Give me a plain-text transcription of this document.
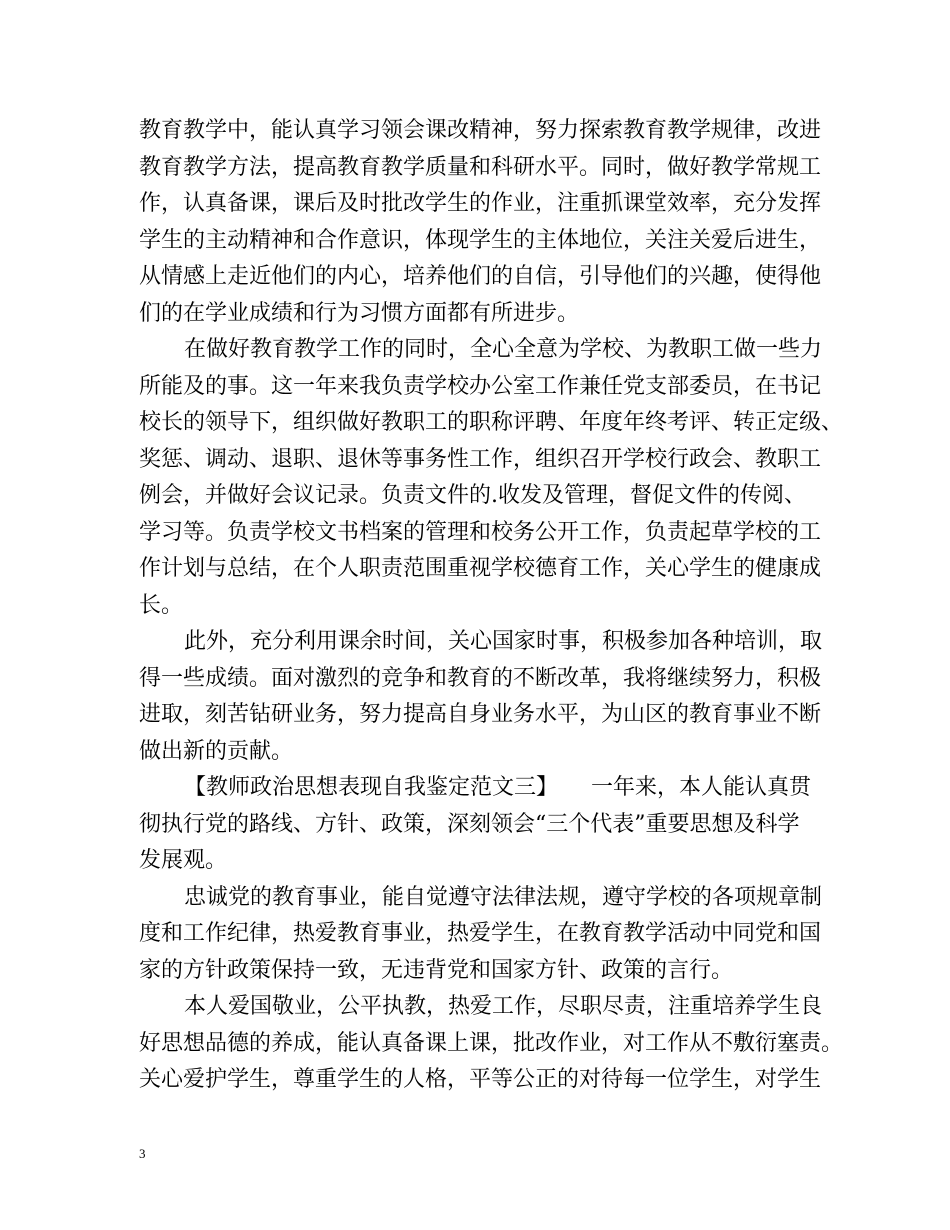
教育教学中，能认真学习领会课改精神，努力探索教育教学规律，改进
教育教学方法，提高教育教学质量和科研水平。同时，做好教学常规工
作，认真备课，课后及时批改学生的作业，注重抓课堂效率，充分发挥
学生的主动精神和合作意识，体现学生的主体地位，关注关爱后进生，
从情感上走近他们的内心，培养他们的自信，引导他们的兴趣，使得他
们的在学业成绩和行为习惯方面都有所进步。

在做好教育教学工作的同时，全心全意为学校、为教职工做一些力
所能及的事。这一年来我负责学校办公室工作兼任党支部委员，在书记
校长的领导下，组织做好教职工的职称评聘、年度年终考评、转正定级、
奖惩、调动、退职、退休等事务性工作，组织召开学校行政会、教职工
例会，并做好会议记录。负责文件的.收发及管理，督促文件的传阅、
学习等。负责学校文书档案的管理和校务公开工作，负责起草学校的工
作计划与总结，在个人职责范围重视学校德育工作，关心学生的健康成
长。

此外，充分利用课余时间，关心国家时事，积极参加各种培训，取
得一些成绩。面对激烈的竞争和教育的不断改革，我将继续努力，积极
进取，刻苦钻研业务，努力提高自身业务水平，为山区的教育事业不断
做出新的贡献。

【教师政治思想表现自我鉴定范文三】　　一年来，本人能认真贯
彻执行党的路线、方针、政策，深刻领会“三个代表”重要思想及科学
发展观。

忠诚党的教育事业，能自觉遵守法律法规，遵守学校的各项规章制
度和工作纪律，热爱教育事业，热爱学生，在教育教学活动中同党和国
家的方针政策保持一致，无违背党和国家方针、政策的言行。

本人爱国敬业，公平执教，热爱工作，尽职尽责，注重培养学生良
好思想品德的养成，能认真备课上课，批改作业，对工作从不敷衍塞责。
关心爱护学生，尊重学生的人格，平等公正的对待每一位学生，对学生

3
